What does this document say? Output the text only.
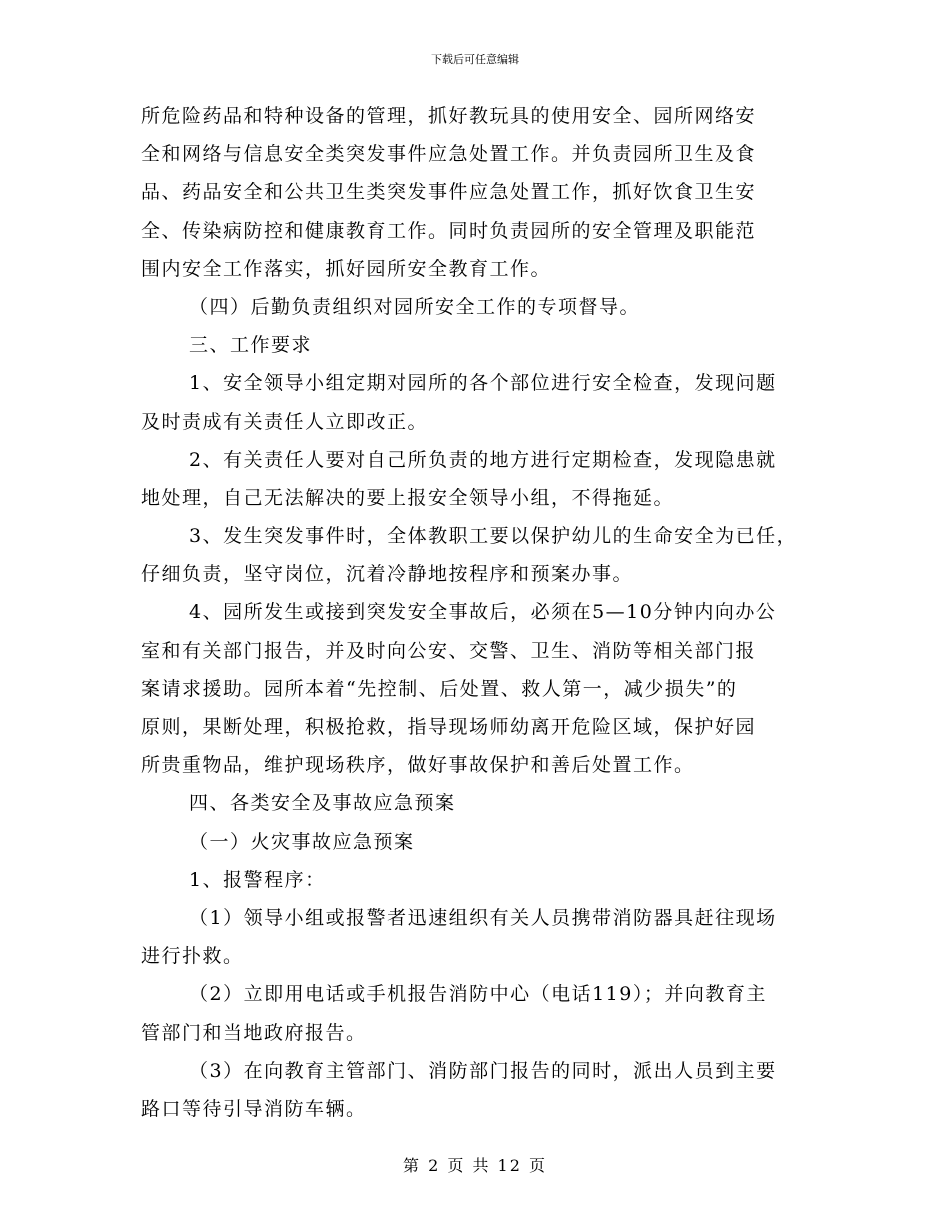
下载后可任意编辑
所危险药品和特种设备的管理，抓好教玩具的使用安全、园所网络安
全和网络与信息安全类突发事件应急处置工作。并负责园所卫生及食
品、药品安全和公共卫生类突发事件应急处置工作，抓好饮食卫生安
全、传染病防控和健康教育工作。同时负责园所的安全管理及职能范
围内安全工作落实，抓好园所安全教育工作。
（四）后勤负责组织对园所安全工作的专项督导。
三、工作要求
1、安全领导小组定期对园所的各个部位进行安全检查，发现问题
及时责成有关责任人立即改正。
2、有关责任人要对自己所负责的地方进行定期检查，发现隐患就
地处理，自己无法解决的要上报安全领导小组，不得拖延。
3、发生突发事件时，全体教职工要以保护幼儿的生命安全为已任，
仔细负责，坚守岗位，沉着冷静地按程序和预案办事。
4、园所发生或接到突发安全事故后，必须在5—10分钟内向办公
室和有关部门报告，并及时向公安、交警、卫生、消防等相关部门报
案请求援助。园所本着“先控制、后处置、救人第一，减少损失”的
原则，果断处理，积极抢救，指导现场师幼离开危险区域，保护好园
所贵重物品，维护现场秩序，做好事故保护和善后处置工作。
四、各类安全及事故应急预案
（一）火灾事故应急预案
1、报警程序：
（1）领导小组或报警者迅速组织有关人员携带消防器具赶往现场
进行扑救。
（2）立即用电话或手机报告消防中心（电话119）；并向教育主
管部门和当地政府报告。
（3）在向教育主管部门、消防部门报告的同时，派出人员到主要
路口等待引导消防车辆。
第 2 页 共 12 页
